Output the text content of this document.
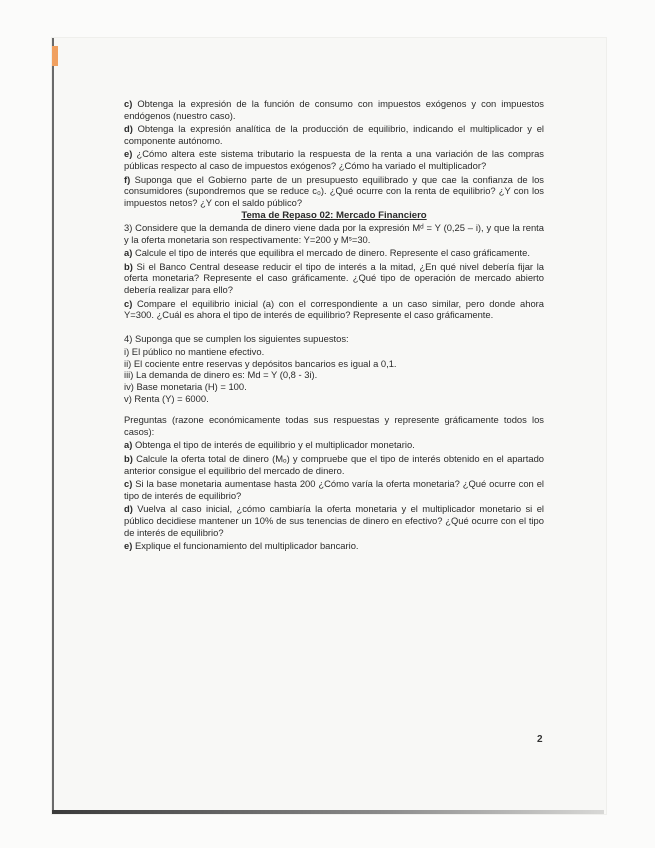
c) Obtenga la expresión de la función de consumo con impuestos exógenos y con impuestos endógenos (nuestro caso).

d) Obtenga la expresión analítica de la producción de equilibrio, indicando el multiplicador y el componente autónomo.

e) ¿Cómo altera este sistema tributario la respuesta de la renta a una variación de las compras públicas respecto al caso de impuestos exógenos? ¿Cómo ha variado el multiplicador?

f) Suponga que el Gobierno parte de un presupuesto equilibrado y que cae la confianza de los consumidores (supondremos que se reduce c₀). ¿Qué ocurre con la renta de equilibrio? ¿Y con los impuestos netos? ¿Y con el saldo público?

Tema de Repaso 02: Mercado Financiero

3) Considere que la demanda de dinero viene dada por la expresión Mᵈ = Y (0,25 – i), y que la renta y la oferta monetaria son respectivamente: Y=200 y Mˢ=30.

a) Calcule el tipo de interés que equilibra el mercado de dinero. Represente el caso gráficamente.

b) Si el Banco Central desease reducir el tipo de interés a la mitad, ¿En qué nivel debería fijar la oferta monetaria? Represente el caso gráficamente. ¿Qué tipo de operación de mercado abierto debería realizar para ello?

c) Compare el equilibrio inicial (a) con el correspondiente a un caso similar, pero donde ahora Y=300. ¿Cuál es ahora el tipo de interés de equilibrio? Represente el caso gráficamente.

4) Suponga que se cumplen los siguientes supuestos:

i) El público no mantiene efectivo.

ii) El cociente entre reservas y depósitos bancarios es igual a 0,1.

iii) La demanda de dinero es: Md = Y (0,8 - 3i).

iv) Base monetaria (H) = 100.

v) Renta (Y) = 6000.

Preguntas (razone económicamente todas sus respuestas y represente gráficamente todos los casos):

a) Obtenga el tipo de interés de equilibrio y el multiplicador monetario.

b) Calcule la oferta total de dinero (Mₒ) y compruebe que el tipo de interés obtenido en el apartado anterior consigue el equilibrio del mercado de dinero.

c) Si la base monetaria aumentase hasta 200 ¿Cómo varía la oferta monetaria? ¿Qué ocurre con el tipo de interés de equilibrio?

d) Vuelva al caso inicial, ¿cómo cambiaría la oferta monetaria y el multiplicador monetario si el público decidiese mantener un 10% de sus tenencias de dinero en efectivo? ¿Qué ocurre con el tipo de interés de equilibrio?

e) Explique el funcionamiento del multiplicador bancario.

2
